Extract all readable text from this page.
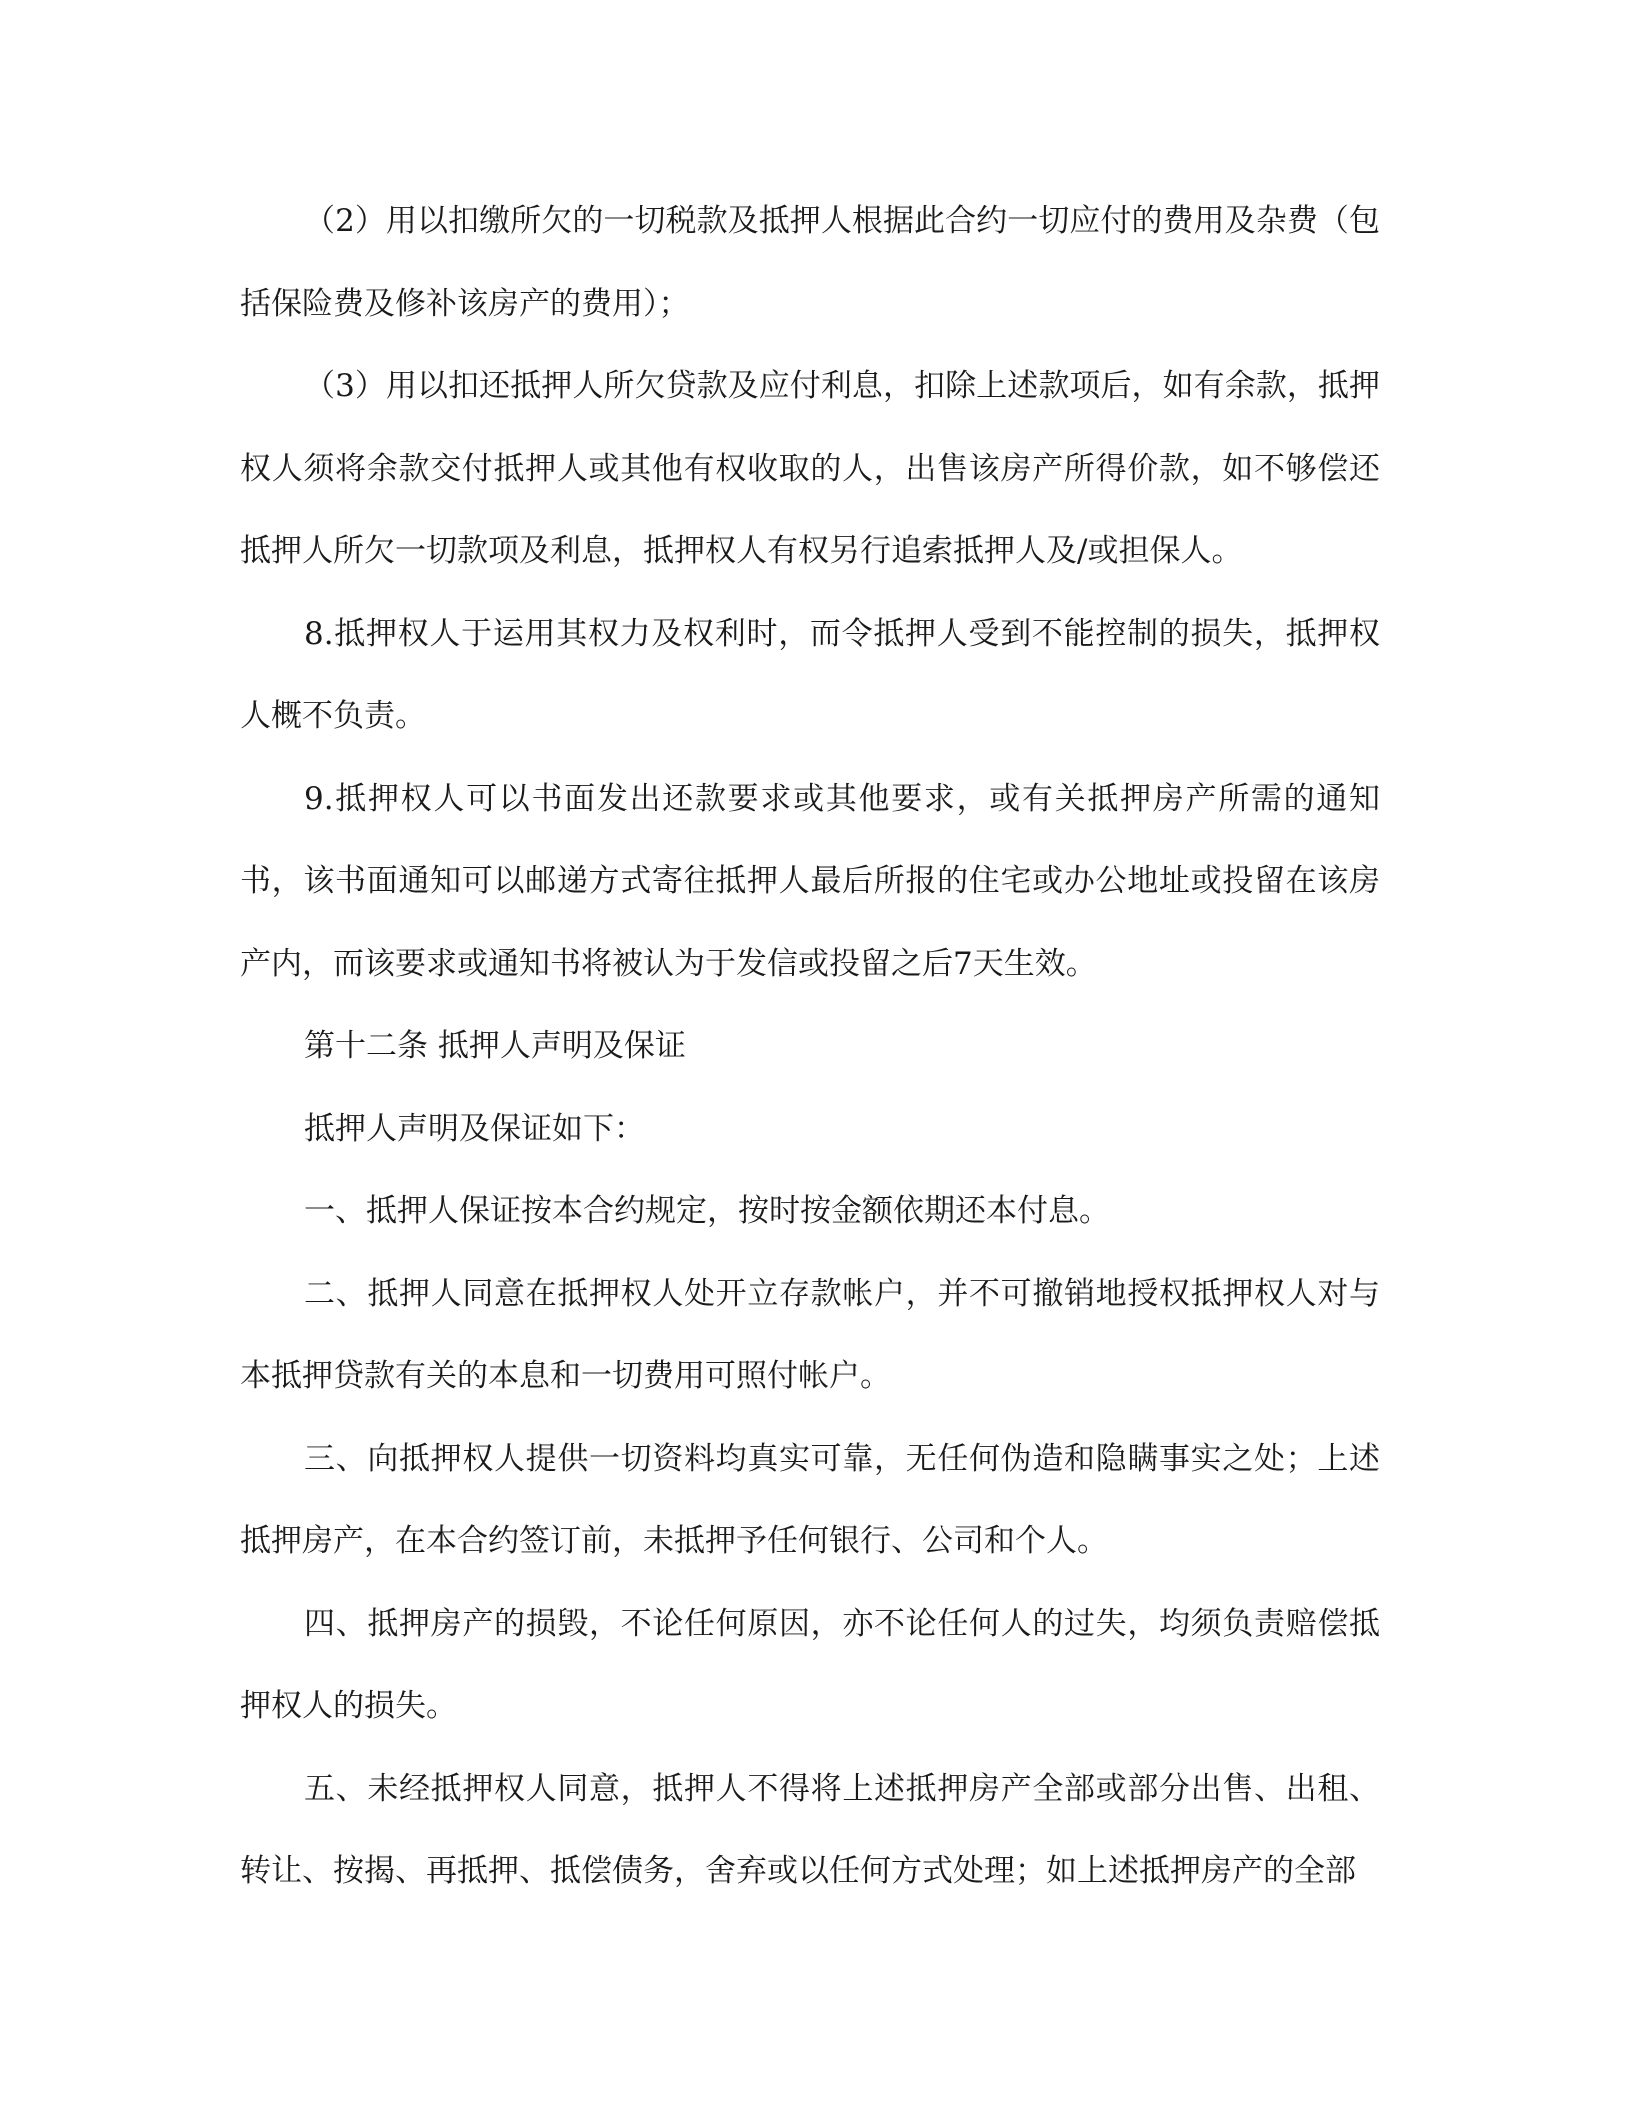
（2）用以扣缴所欠的一切税款及抵押人根据此合约一切应付的费用及杂费（包括保险费及修补该房产的费用）；

（3）用以扣还抵押人所欠贷款及应付利息，扣除上述款项后，如有余款，抵押权人须将余款交付抵押人或其他有权收取的人，出售该房产所得价款，如不够偿还抵押人所欠一切款项及利息，抵押权人有权另行追索抵押人及/或担保人。

8.抵押权人于运用其权力及权利时，而令抵押人受到不能控制的损失，抵押权人概不负责。

9.抵押权人可以书面发出还款要求或其他要求，或有关抵押房产所需的通知书，该书面通知可以邮递方式寄往抵押人最后所报的住宅或办公地址或投留在该房产内，而该要求或通知书将被认为于发信或投留之后7天生效。

第十二条 抵押人声明及保证

抵押人声明及保证如下：

一、抵押人保证按本合约规定，按时按金额依期还本付息。

二、抵押人同意在抵押权人处开立存款帐户，并不可撤销地授权抵押权人对与本抵押贷款有关的本息和一切费用可照付帐户。

三、向抵押权人提供一切资料均真实可靠，无任何伪造和隐瞒事实之处；上述抵押房产，在本合约签订前，未抵押予任何银行、公司和个人。

四、抵押房产的损毁，不论任何原因，亦不论任何人的过失，均须负责赔偿抵押权人的损失。

五、未经抵押权人同意，抵押人不得将上述抵押房产全部或部分出售、出租、转让、按揭、再抵押、抵偿债务，舍弃或以任何方式处理；如上述抵押房产的全部
